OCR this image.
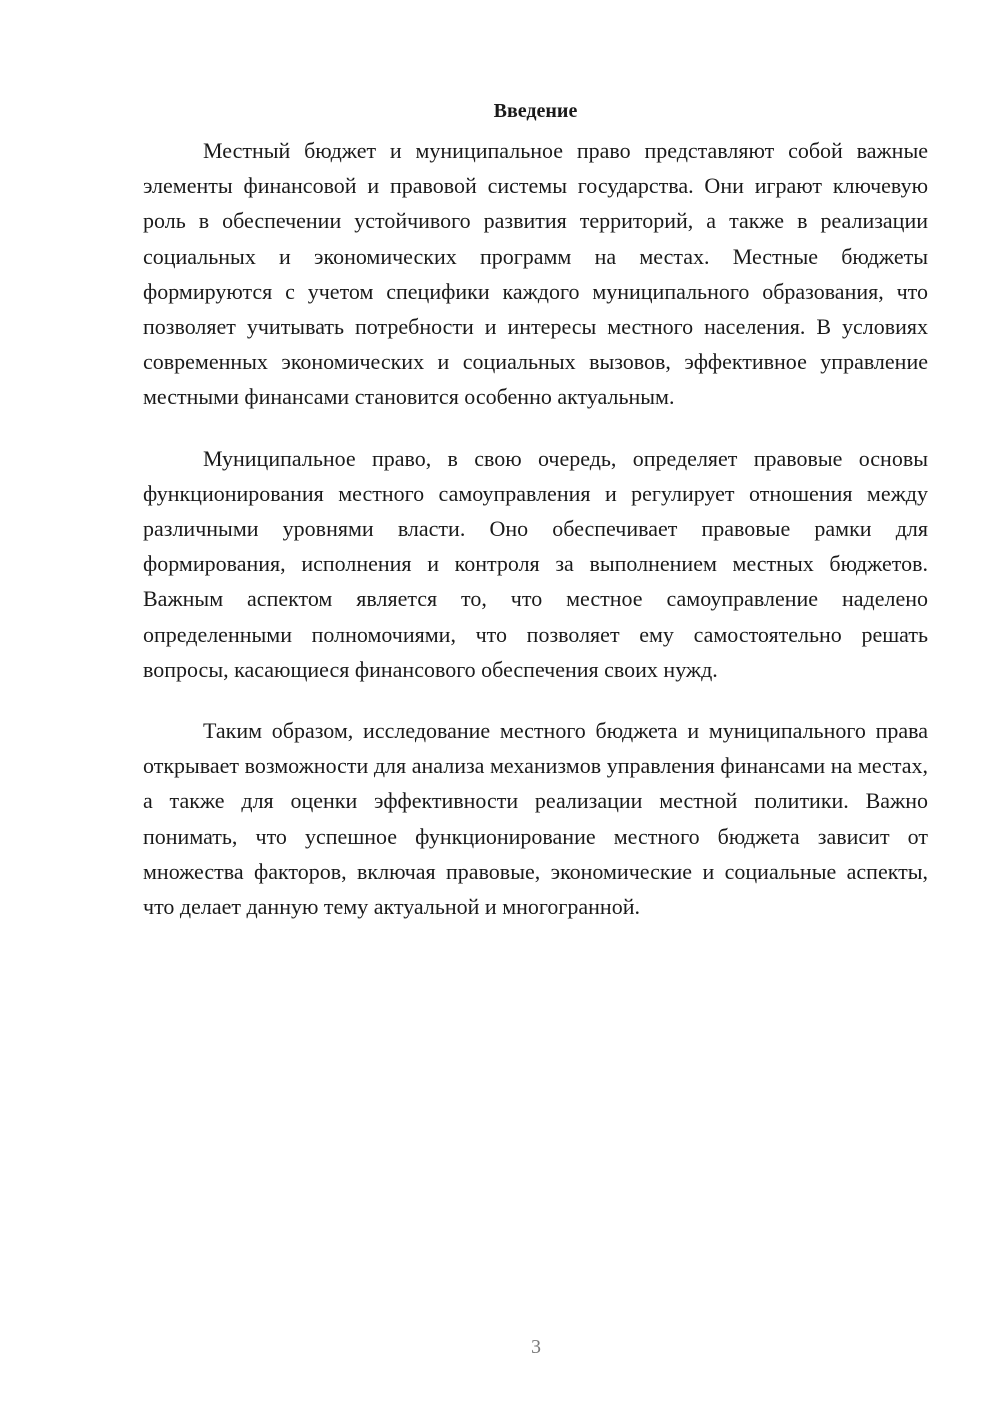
Введение

Местный бюджет и муниципальное право представляют собой важные элементы финансовой и правовой системы государства. Они играют ключевую роль в обеспечении устойчивого развития территорий, а также в реализации социальных и экономических программ на местах. Местные бюджеты формируются с учетом специфики каждого муниципального образования, что позволяет учитывать потребности и интересы местного населения. В условиях современных экономических и социальных вызовов, эффективное управление местными финансами становится особенно актуальным.

Муниципальное право, в свою очередь, определяет правовые основы функционирования местного самоуправления и регулирует отношения между различными уровнями власти. Оно обеспечивает правовые рамки для формирования, исполнения и контроля за выполнением местных бюджетов. Важным аспектом является то, что местное самоуправление наделено определенными полномочиями, что позволяет ему самостоятельно решать вопросы, касающиеся финансового обеспечения своих нужд.

Таким образом, исследование местного бюджета и муниципального права открывает возможности для анализа механизмов управления финансами на местах, а также для оценки эффективности реализации местной политики. Важно понимать, что успешное функционирование местного бюджета зависит от множества факторов, включая правовые, экономические и социальные аспекты, что делает данную тему актуальной и многогранной.

3
